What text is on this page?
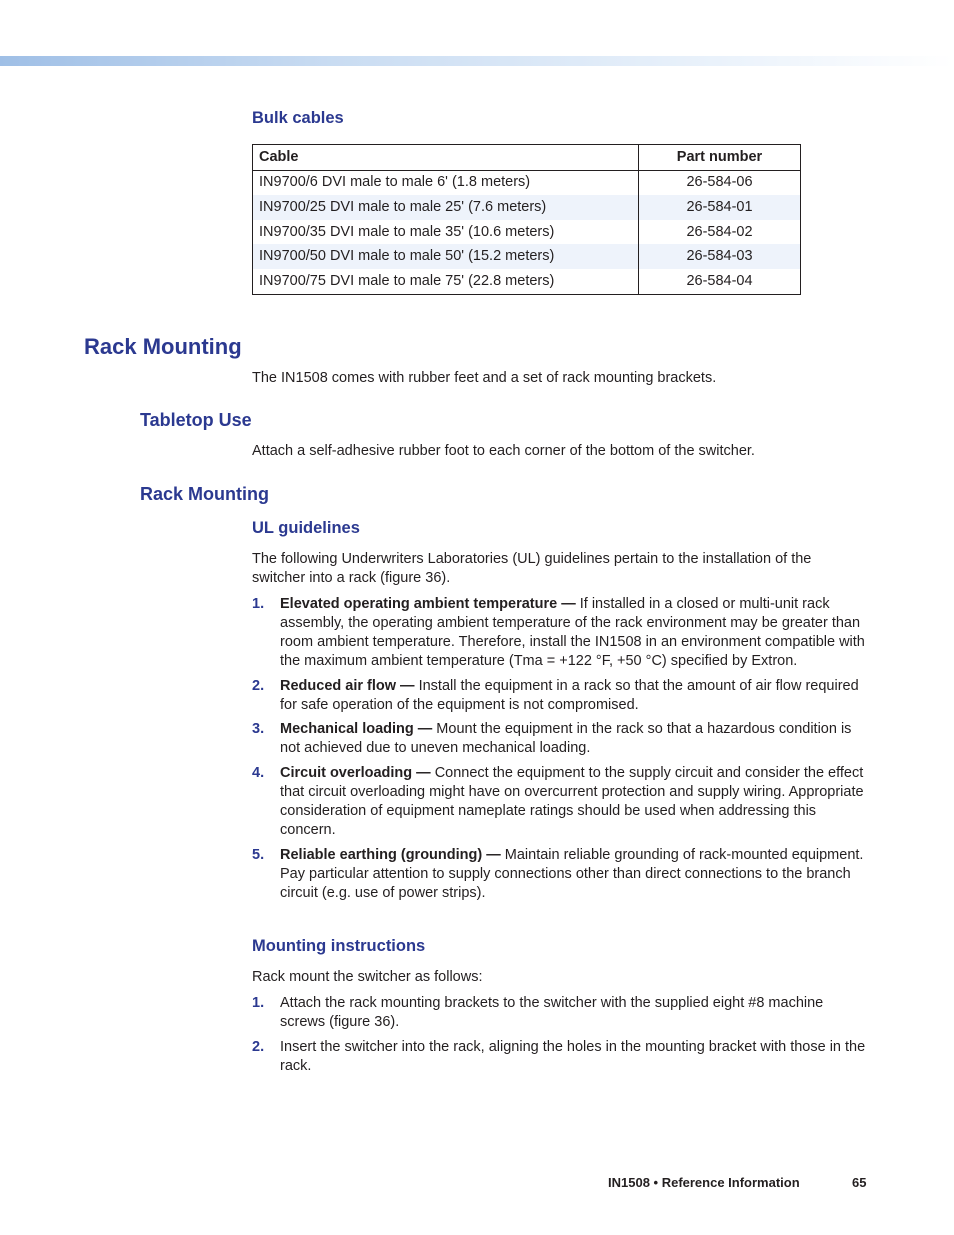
Bulk cables
Cable	Part number
IN9700/6 DVI male to male 6' (1.8 meters)	26-584-06
IN9700/25 DVI male to male 25' (7.6 meters)	26-584-01
IN9700/35 DVI male to male 35' (10.6 meters)	26-584-02
IN9700/50 DVI male to male 50' (15.2 meters)	26-584-03
IN9700/75 DVI male to male 75' (22.8 meters)	26-584-04
Rack Mounting

The IN1508 comes with rubber feet and a set of rack mounting brackets.

Tabletop Use

Attach a self-adhesive rubber foot to each corner of the bottom of the switcher.

Rack Mounting
UL guidelines

The following Underwriters Laboratories (UL) guidelines pertain to the installation of the switcher into a rack (figure 36).

1. Elevated operating ambient temperature — If installed in a closed or multi-unit rack assembly, the operating ambient temperature of the rack environment may be greater than room ambient temperature. Therefore, install the IN1508 in an environment compatible with the maximum ambient temperature (Tma = +122 °F, +50 °C) specified by Extron.
2. Reduced air flow — Install the equipment in a rack so that the amount of air flow required for safe operation of the equipment is not compromised.
3. Mechanical loading — Mount the equipment in the rack so that a hazardous condition is not achieved due to uneven mechanical loading.
4. Circuit overloading — Connect the equipment to the supply circuit and consider the effect that circuit overloading might have on overcurrent protection and supply wiring. Appropriate consideration of equipment nameplate ratings should be used when addressing this concern.
5. Reliable earthing (grounding) — Maintain reliable grounding of rack-mounted equipment. Pay particular attention to supply connections other than direct connections to the branch circuit (e.g. use of power strips).
Mounting instructions

Rack mount the switcher as follows:

1. Attach the rack mounting brackets to the switcher with the supplied eight #8 machine screws (figure 36).
2. Insert the switcher into the rack, aligning the holes in the mounting bracket with those in the rack.
IN1508 • Reference Information	65
